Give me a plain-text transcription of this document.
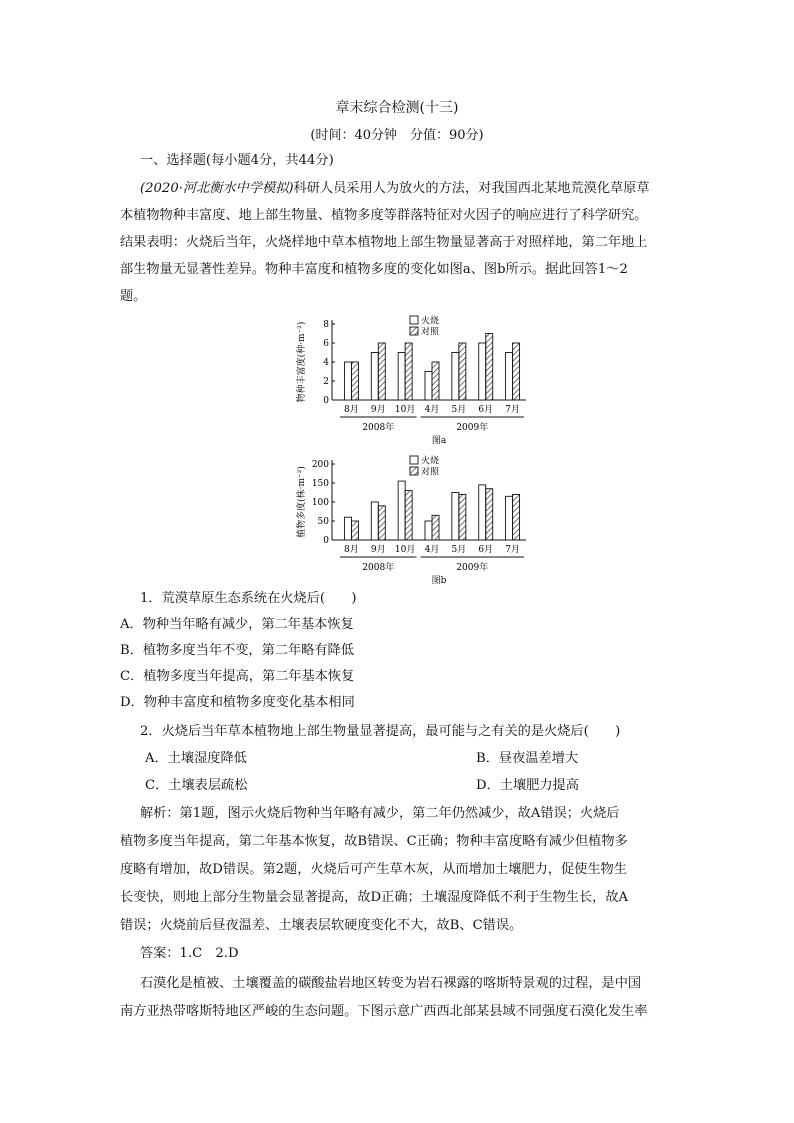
章末综合检测(十三)
(时间：40分钟　分值：90分)
一、选择题(每小题4分，共44分)
(2020·河北衡水中学模拟)科研人员采用人为放火的方法，对我国西北某地荒漠化草原草
本植物物种丰富度、地上部生物量、植物多度等群落特征对火因子的响应进行了科学研究。
结果表明：火烧后当年，火烧样地中草本植物地上部生物量显著高于对照样地，第二年地上
部生物量无显著性差异。物种丰富度和植物多度的变化如图a、图b所示。据此回答1～2
题。
0
2
4
6
8
物种丰富度(种·m⁻²)
8月 9月 10月 4月 5月 6月 7月
2008年	2009年
图a
火烧
对照
0
50
100
150
200
植物多度(株·m⁻²)
8月 9月 10月 4月 5月 6月 7月
2008年	2009年
图b
火烧
对照
1．荒漠草原生态系统在火烧后(　　)
A．物种当年略有减少，第二年基本恢复
B．植物多度当年不变，第二年略有降低
C．植物多度当年提高，第二年基本恢复
D．物种丰富度和植物多度变化基本相同
2．火烧后当年草本植物地上部生物量显著提高，最可能与之有关的是火烧后(　　)
A．土壤湿度降低	B．昼夜温差增大
C．土壤表层疏松	D．土壤肥力提高
解析：第1题，图示火烧后物种当年略有减少，第二年仍然减少，故A错误；火烧后
植物多度当年提高，第二年基本恢复，故B错误、C正确；物种丰富度略有减少但植物多
度略有增加，故D错误。第2题，火烧后可产生草木灰，从而增加土壤肥力，促使生物生
长变快，则地上部分生物量会显著提高，故D正确；土壤湿度降低不利于生物生长，故A
错误；火烧前后昼夜温差、土壤表层软硬度变化不大，故B、C错误。
答案：1.C　2.D
石漠化是植被、土壤覆盖的碳酸盐岩地区转变为岩石裸露的喀斯特景观的过程，是中国
南方亚热带喀斯特地区严峻的生态问题。下图示意广西西北部某县域不同强度石漠化发生率
